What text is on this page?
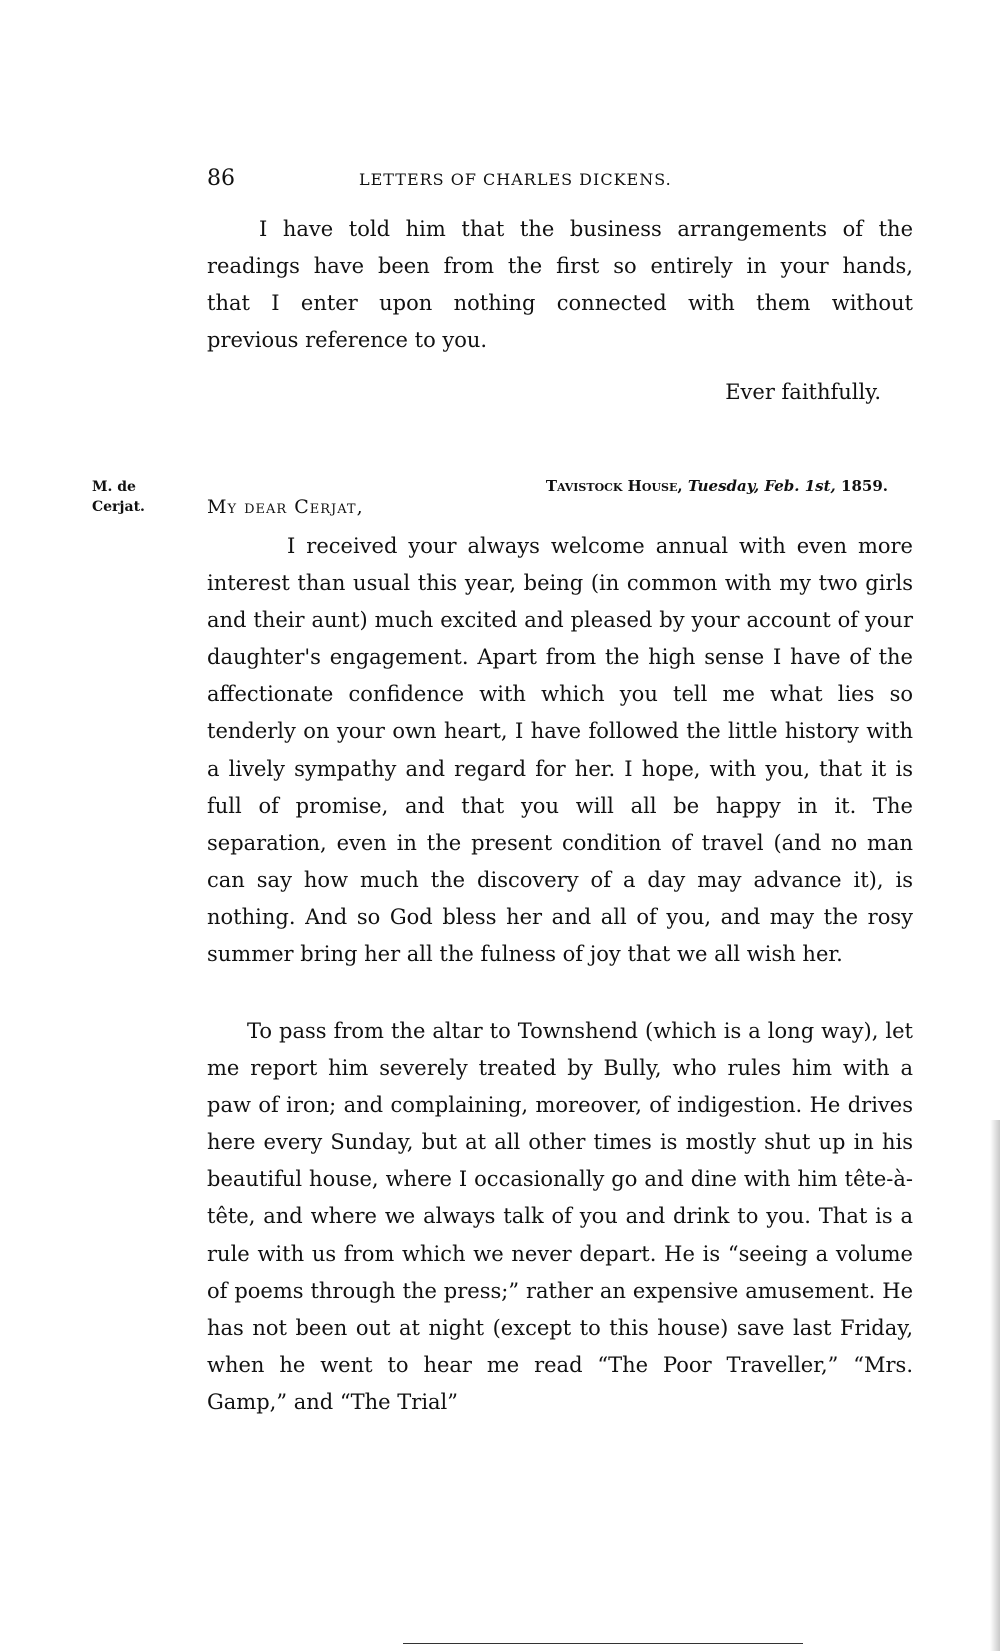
86	LETTERS OF CHARLES DICKENS.
I have told him that the business arrangements of the
readings have been from the first so entirely in your hands,
that I enter upon nothing connected with them without
previous reference to you.
Ever faithfully.
M. de
Cerjat.
Tavistock House, Tuesday, Feb. 1st, 1859.
My dear Cerjat,

I received your always welcome annual with even more interest than usual this year, being (in common with my two girls and their aunt) much excited and pleased by your account of your daughter's engagement. Apart from the high sense I have of the affectionate confidence with which you tell me what lies so tenderly on your own heart, I have followed the little history with a lively sympathy and regard for her. I hope, with you, that it is full of promise, and that you will all be happy in it. The separation, even in the present condition of travel (and no man can say how much the discovery of a day may advance it), is nothing. And so God bless her and all of you, and may the rosy summer bring her all the fulness of joy that we all wish her.

To pass from the altar to Townshend (which is a long way), let me report him severely treated by Bully, who rules him with a paw of iron; and complaining, moreover, of indigestion. He drives here every Sunday, but at all other times is mostly shut up in his beautiful house, where I occasionally go and dine with him tête-à-tête, and where we always talk of you and drink to you. That is a rule with us from which we never depart. He is “seeing a volume of poems through the press;” rather an expensive amusement. He has not been out at night (except to this house) save last Friday, when he went to hear me read “The Poor Traveller,” “Mrs. Gamp,” and “The Trial”
